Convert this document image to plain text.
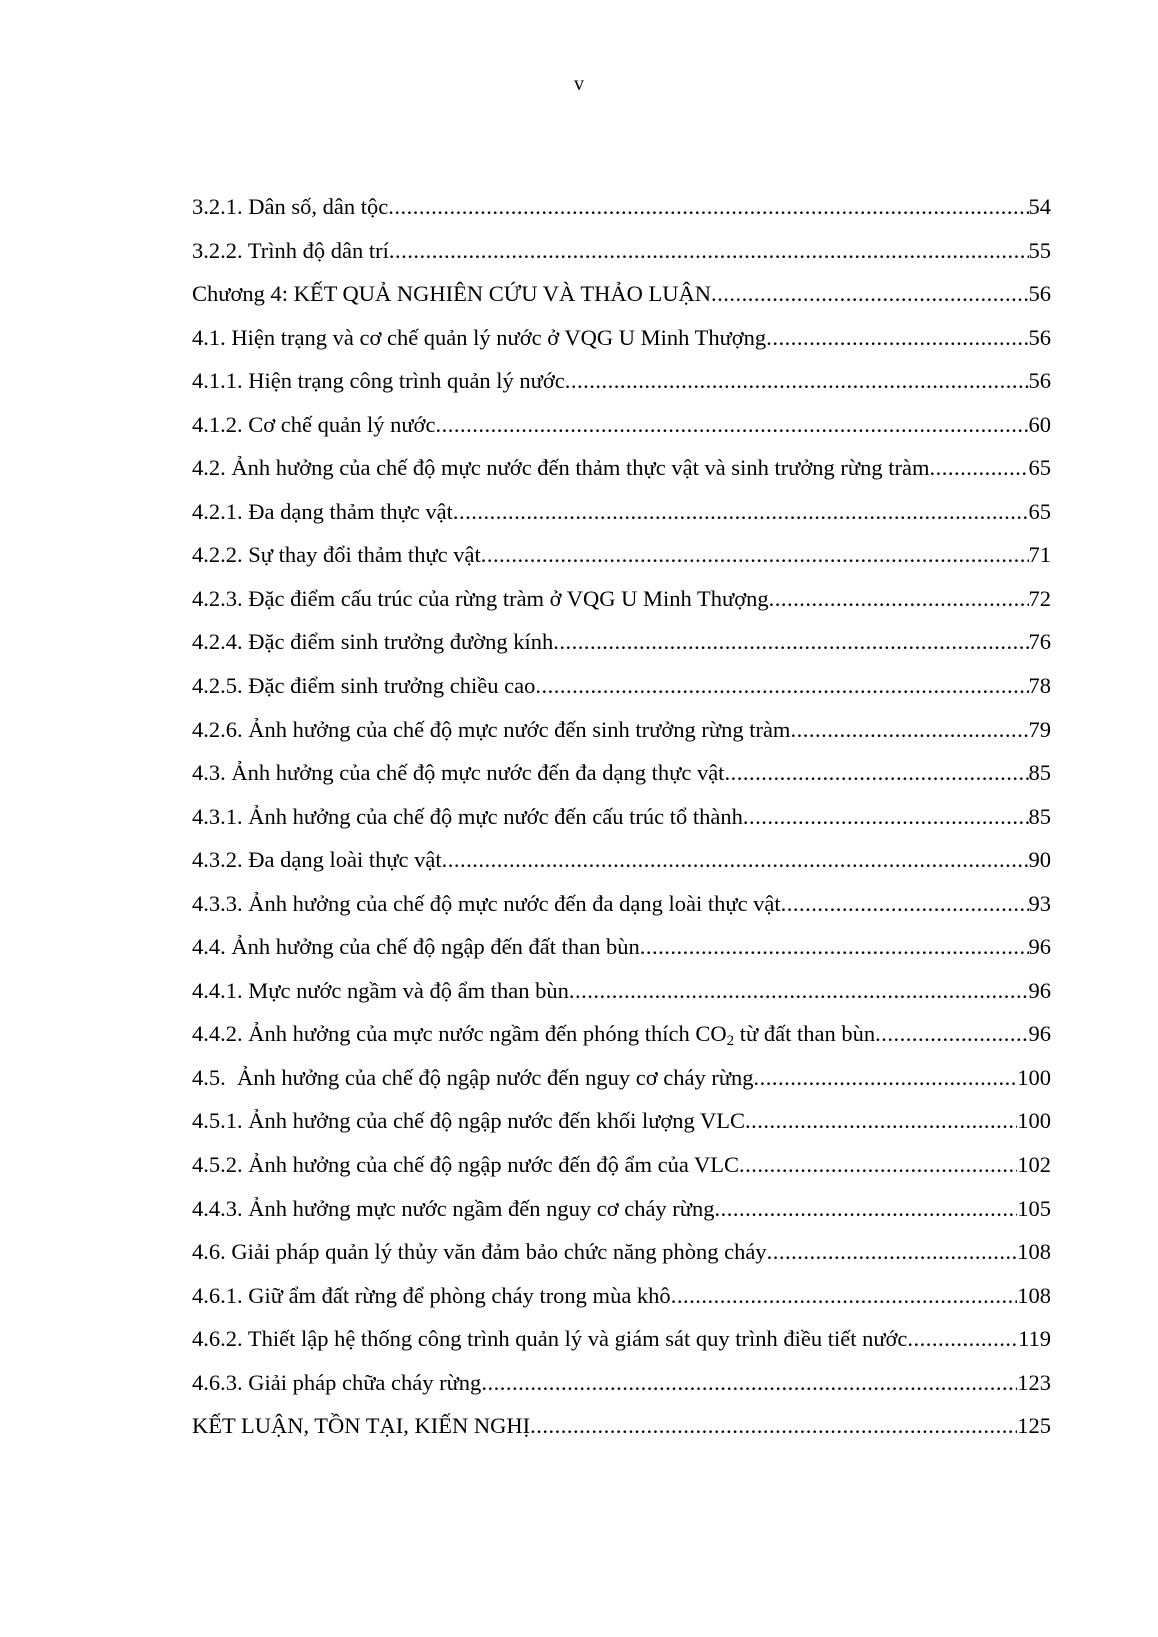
v
3.2.1. Dân số, dân tộc .....	54
3.2.2. Trình độ dân trí .....	55
Chương 4: KẾT QUẢ NGHIÊN CỨU VÀ THẢO LUẬN .....	56
4.1. Hiện trạng và cơ chế quản lý nước ở VQG U Minh Thượng .....	56
4.1.1. Hiện trạng công trình quản lý nước .....	56
4.1.2. Cơ chế quản lý nước .....	60
4.2. Ảnh hưởng của chế độ mực nước đến thảm thực vật và sinh trưởng rừng tràm .....	65
4.2.1. Đa dạng thảm thực vật .....	65
4.2.2. Sự thay đổi thảm thực vật .....	71
4.2.3. Đặc điểm cấu trúc của rừng tràm ở VQG U Minh Thượng .....	72
4.2.4. Đặc điểm sinh trưởng đường kính .....	76
4.2.5. Đặc điểm sinh trưởng chiều cao .....	78
4.2.6. Ảnh hưởng của chế độ mực nước đến sinh trưởng rừng tràm .....	79
4.3. Ảnh hưởng của chế độ mực nước đến đa dạng thực vật .....	85
4.3.1. Ảnh hưởng của chế độ mực nước đến cấu trúc tổ thành .....	85
4.3.2. Đa dạng loài thực vật .....	90
4.3.3. Ảnh hưởng của chế độ mực nước đến đa dạng loài thực vật .....	93
4.4. Ảnh hưởng của chế độ ngập đến đất than bùn .....	96
4.4.1. Mực nước ngầm và độ ẩm than bùn .....	96
4.4.2. Ảnh hưởng của mực nước ngầm đến phóng thích $CO_2$ từ đất than bùn .....	96
4.5.  Ảnh hưởng của chế độ ngập nước đến nguy cơ cháy rừng .....	100
4.5.1. Ảnh hưởng của chế độ ngập nước đến khối lượng VLC .....	100
4.5.2. Ảnh hưởng của chế độ ngập nước đến độ ẩm của VLC .....	102
4.4.3. Ảnh hưởng mực nước ngầm đến nguy cơ cháy rừng .....	105
4.6. Giải pháp quản lý thủy văn đảm bảo chức năng phòng cháy .....	108
4.6.1. Giữ ẩm đất rừng để phòng cháy trong mùa khô .....	108
4.6.2. Thiết lập hệ thống công trình quản lý và giám sát quy trình điều tiết nước .....	119
4.6.3. Giải pháp chữa cháy rừng .....	123
KẾT LUẬN, TỒN TẠI, KIẾN NGHỊ .....	125
